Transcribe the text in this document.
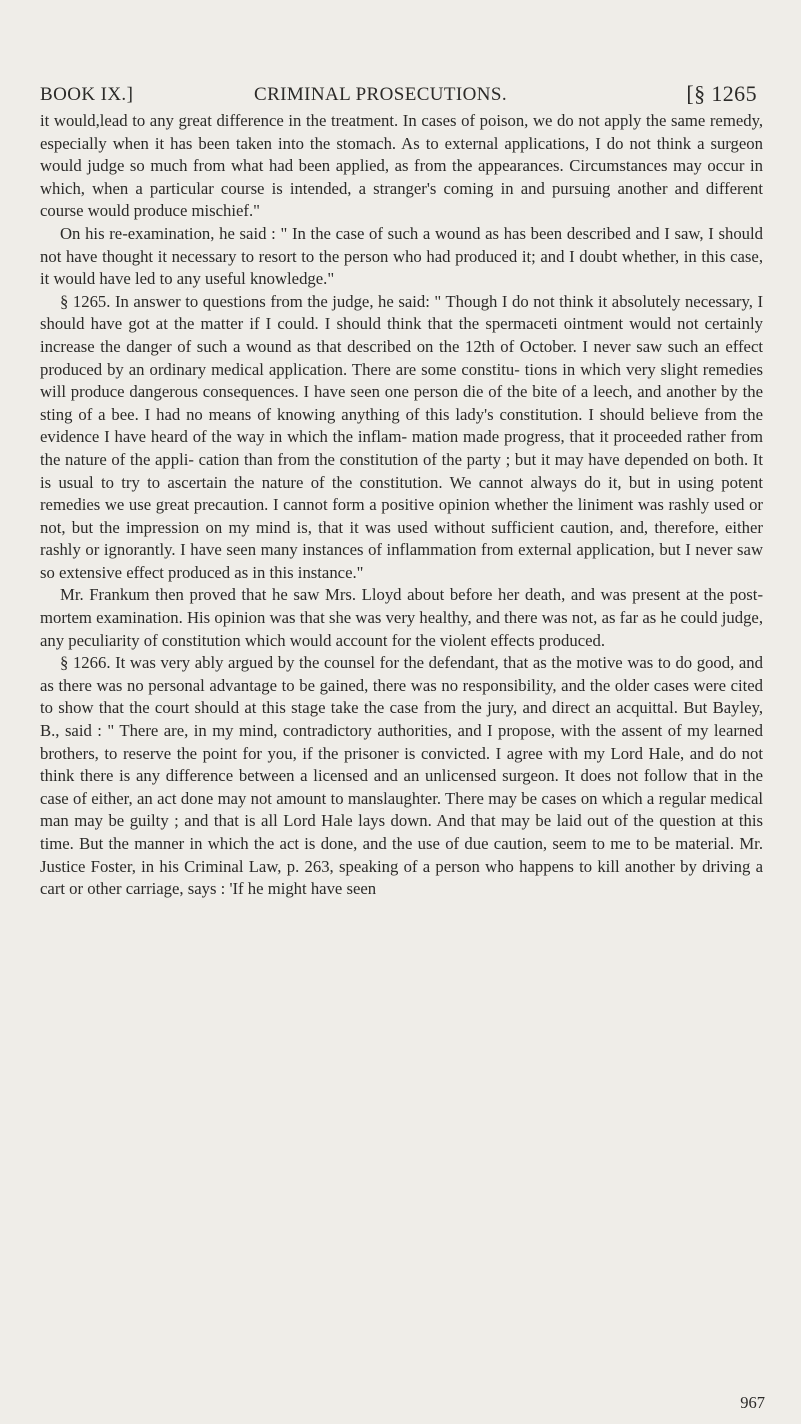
BOOK IX.]	CRIMINAL PROSECUTIONS.	[§ 1265

it would,lead to any great difference in the treatment. In cases of poison, we do not apply the same remedy, especially when it has been taken into the stomach. As to external applications, I do not think a surgeon would judge so much from what had been applied, as from the appearances. Circumstances may occur in which, when a particular course is intended, a stranger's coming in and pursuing another and different course would produce mischief."

On his re-examination, he said : " In the case of such a wound as has been described and I saw, I should not have thought it necessary to resort to the person who had produced it; and I doubt whether, in this case, it would have led to any useful knowledge."

§ 1265. In answer to questions from the judge, he said: " Though I do not think it absolutely necessary, I should have got at the matter if I could. I should think that the spermaceti ointment would not certainly increase the danger of such a wound as that described on the 12th of October. I never saw such an effect produced by an ordinary medical application. There are some constitu- tions in which very slight remedies will produce dangerous consequences. I have seen one person die of the bite of a leech, and another by the sting of a bee. I had no means of knowing anything of this lady's constitution. I should believe from the evidence I have heard of the way in which the inflam- mation made progress, that it proceeded rather from the nature of the appli- cation than from the constitution of the party ; but it may have depended on both. It is usual to try to ascertain the nature of the constitution. We cannot always do it, but in using potent remedies we use great precaution. I cannot form a positive opinion whether the liniment was rashly used or not, but the impression on my mind is, that it was used without sufficient caution, and, therefore, either rashly or ignorantly. I have seen many instances of inflammation from external application, but I never saw so extensive effect produced as in this instance."

Mr. Frankum then proved that he saw Mrs. Lloyd about before her death, and was present at the post-mortem examination. His opinion was that she was very healthy, and there was not, as far as he could judge, any peculiarity of constitution which would account for the violent effects produced.

§ 1266. It was very ably argued by the counsel for the defendant, that as the motive was to do good, and as there was no personal advantage to be gained, there was no responsibility, and the older cases were cited to show that the court should at this stage take the case from the jury, and direct an acquittal. But Bayley, B., said : " There are, in my mind, contradictory authorities, and I propose, with the assent of my learned brothers, to reserve the point for you, if the prisoner is convicted. I agree with my Lord Hale, and do not think there is any difference between a licensed and an unlicensed surgeon. It does not follow that in the case of either, an act done may not amount to manslaughter. There may be cases on which a regular medical man may be guilty ; and that is all Lord Hale lays down. And that may be laid out of the question at this time. But the manner in which the act is done, and the use of due caution, seem to me to be material. Mr. Justice Foster, in his Criminal Law, p. 263, speaking of a person who happens to kill another by driving a cart or other carriage, says : 'If he might have seen

967
